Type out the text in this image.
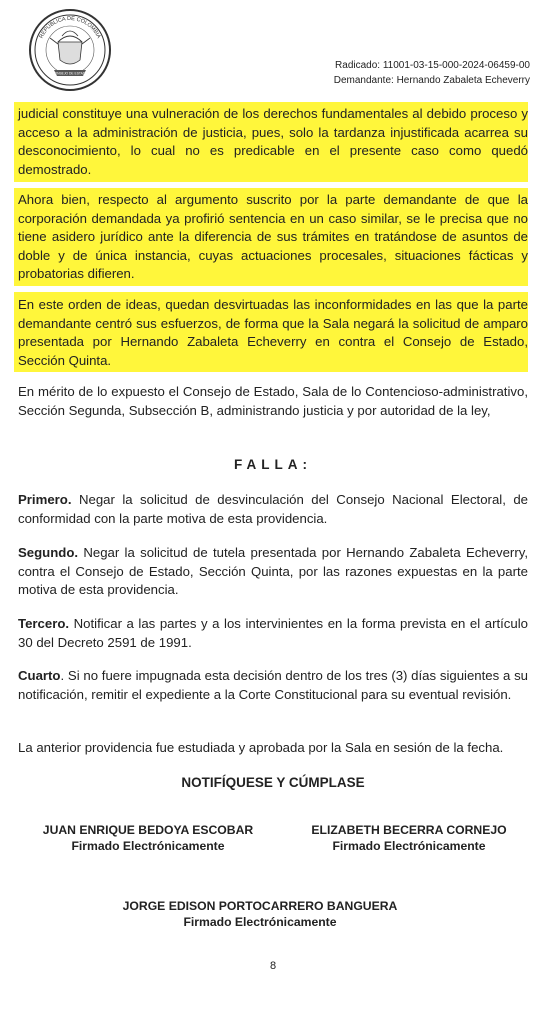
CONSEJO DE ESTADO
REPÚBLICA DE COLOMBIA
Radicado: 11001-03-15-000-2024-06459-00
Demandante: Hernando Zabaleta Echeverry

judicial constituye una vulneración de los derechos fundamentales al debido proceso y acceso a la administración de justicia, pues, solo la tardanza injustificada acarrea su desconocimiento, lo cual no es predicable en el presente caso como quedó demostrado.

Ahora bien, respecto al argumento suscrito por la parte demandante de que la corporación demandada ya profirió sentencia en un caso similar, se le precisa que no tiene asidero jurídico ante la diferencia de sus trámites en tratándose de asuntos de doble y de única instancia, cuyas actuaciones procesales, situaciones fácticas y probatorias difieren.

En este orden de ideas, quedan desvirtuadas las inconformidades en las que la parte demandante centró sus esfuerzos, de forma que la Sala negará la solicitud de amparo presentada por Hernando Zabaleta Echeverry en contra el Consejo de Estado, Sección Quinta.

En mérito de lo expuesto el Consejo de Estado, Sala de lo Contencioso-administrativo, Sección Segunda, Subsección B, administrando justicia y por autoridad de la ley,

FALLA:

Primero. Negar la solicitud de desvinculación del Consejo Nacional Electoral, de conformidad con la parte motiva de esta providencia.

Segundo. Negar la solicitud de tutela presentada por Hernando Zabaleta Echeverry, contra el Consejo de Estado, Sección Quinta, por las razones expuestas en la parte motiva de esta providencia.

Tercero. Notificar a las partes y a los intervinientes en la forma prevista en el artículo 30 del Decreto 2591 de 1991.

Cuarto. Si no fuere impugnada esta decisión dentro de los tres (3) días siguientes a su notificación, remitir el expediente a la Corte Constitucional para su eventual revisión.

La anterior providencia fue estudiada y aprobada por la Sala en sesión de la fecha.

NOTIFÍQUESE Y CÚMPLASE
JUAN ENRIQUE BEDOYA ESCOBAR
Firmado Electrónicamente
ELIZABETH BECERRA CORNEJO
Firmado Electrónicamente
JORGE EDISON PORTOCARRERO BANGUERA
Firmado Electrónicamente
8
